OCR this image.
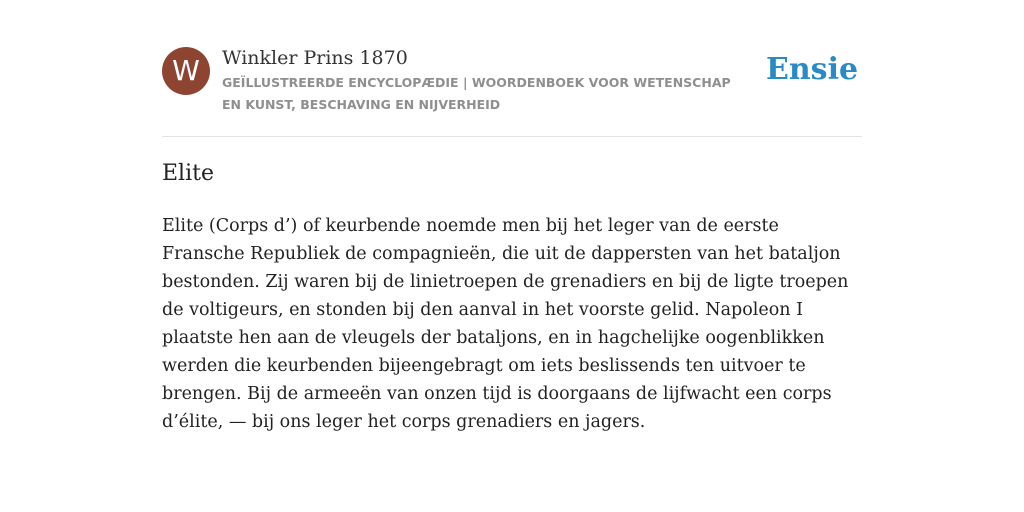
W	Winkler Prins 1870
GEÏLLUSTREERDE ENCYCLOPÆDIE | WOORDENBOEK VOOR WETENSCHAP EN KUNST, BESCHAVING EN NIJVERHEID
Ensie
Elite

Elite (Corps d’) of keurbende noemde men bij het leger van de eerste Fransche Republiek de compagnieën, die uit de dappersten van het bataljon bestonden. Zij waren bij de linietroepen de grenadiers en bij de ligte troepen de voltigeurs, en stonden bij den aanval in het voorste gelid. Napoleon I plaatste hen aan de vleugels der bataljons, en in hagchelijke oogenblikken werden die keurbenden bijeengebragt om iets beslissends ten uitvoer te brengen. Bij de armeeën van onzen tijd is doorgaans de lijfwacht een corps d’élite, — bij ons leger het corps grenadiers en jagers.
